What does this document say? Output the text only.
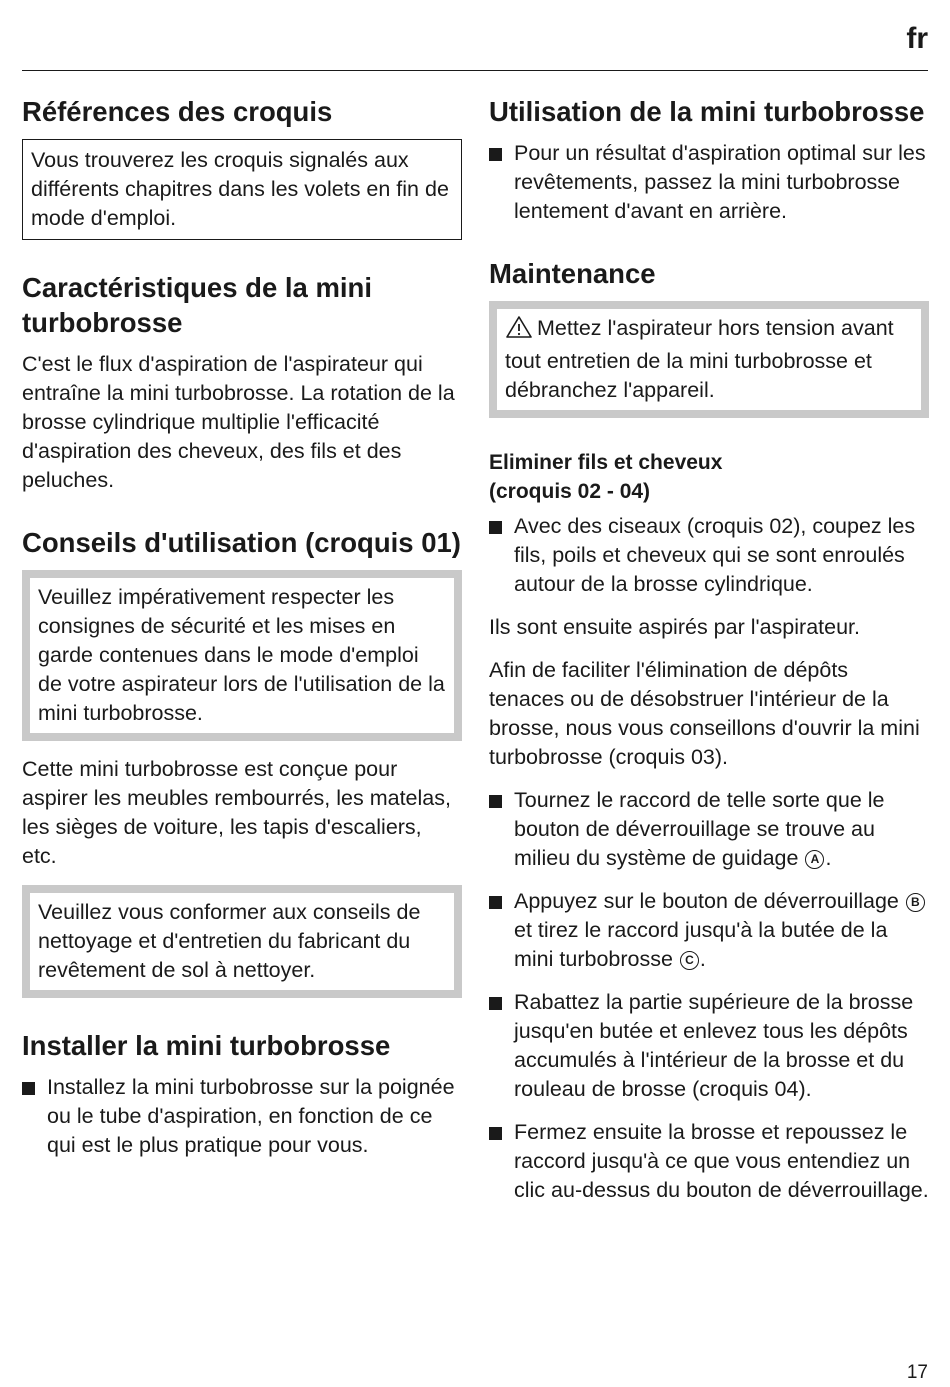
fr
Références des croquis

Vous trouverez les croquis signalés aux différents chapitres dans les volets en fin de mode d'emploi.

Caractéristiques de la mini turbobrosse

C'est le flux d'aspiration de l'aspirateur qui entraîne la mini turbobrosse. La rotation de la brosse cylindrique multiplie l'efficacité d'aspiration des cheveux, des fils et des peluches.

Conseils d'utilisation (croquis 01)

Veuillez impérativement respecter les consignes de sécurité et les mises en garde contenues dans le mode d'emploi de votre aspirateur lors de l'utilisation de la mini turbobrosse.

Cette mini turbobrosse est conçue pour aspirer les meubles rembourrés, les matelas, les sièges de voiture, les tapis d'escaliers, etc.

Veuillez vous conformer aux conseils de nettoyage et d'entretien du fabricant du revêtement de sol à nettoyer.

Installer la mini turbobrosse
Installez la mini turbobrosse sur la poignée ou le tube d'aspiration, en fonction de ce qui est le plus pratique pour vous.
Utilisation de la mini turbobrosse
Pour un résultat d'aspiration optimal sur les revêtements, passez la mini turbobrosse lentement d'avant en arrière.
Maintenance

Mettez l'aspirateur hors tension avant tout entretien de la mini turbobrosse et débranchez l'appareil.

Eliminer fils et cheveux
(croquis 02 - 04)
Avec des ciseaux (croquis 02), coupez les fils, poils et cheveux qui se sont enroulés autour de la brosse cylindrique.

Ils sont ensuite aspirés par l'aspirateur.

Afin de faciliter l'élimination de dépôts tenaces ou de désobstruer l'intérieur de la brosse, nous vous conseillons d'ouvrir la mini turbobrosse (croquis 03).

Tournez le raccord de telle sorte que le bouton de déverrouillage se trouve au milieu du système de guidage A .
Appuyez sur le bouton de déverrouillage B et tirez le raccord jusqu'à la butée de la mini turbobrosse C .
Rabattez la partie supérieure de la brosse jusqu'en butée et enlevez tous les dépôts accumulés à l'intérieur de la brosse et du rouleau de brosse (croquis 04).
Fermez ensuite la brosse et repoussez le raccord jusqu'à ce que vous entendiez un clic au-dessus du bouton de déverrouillage.
17
